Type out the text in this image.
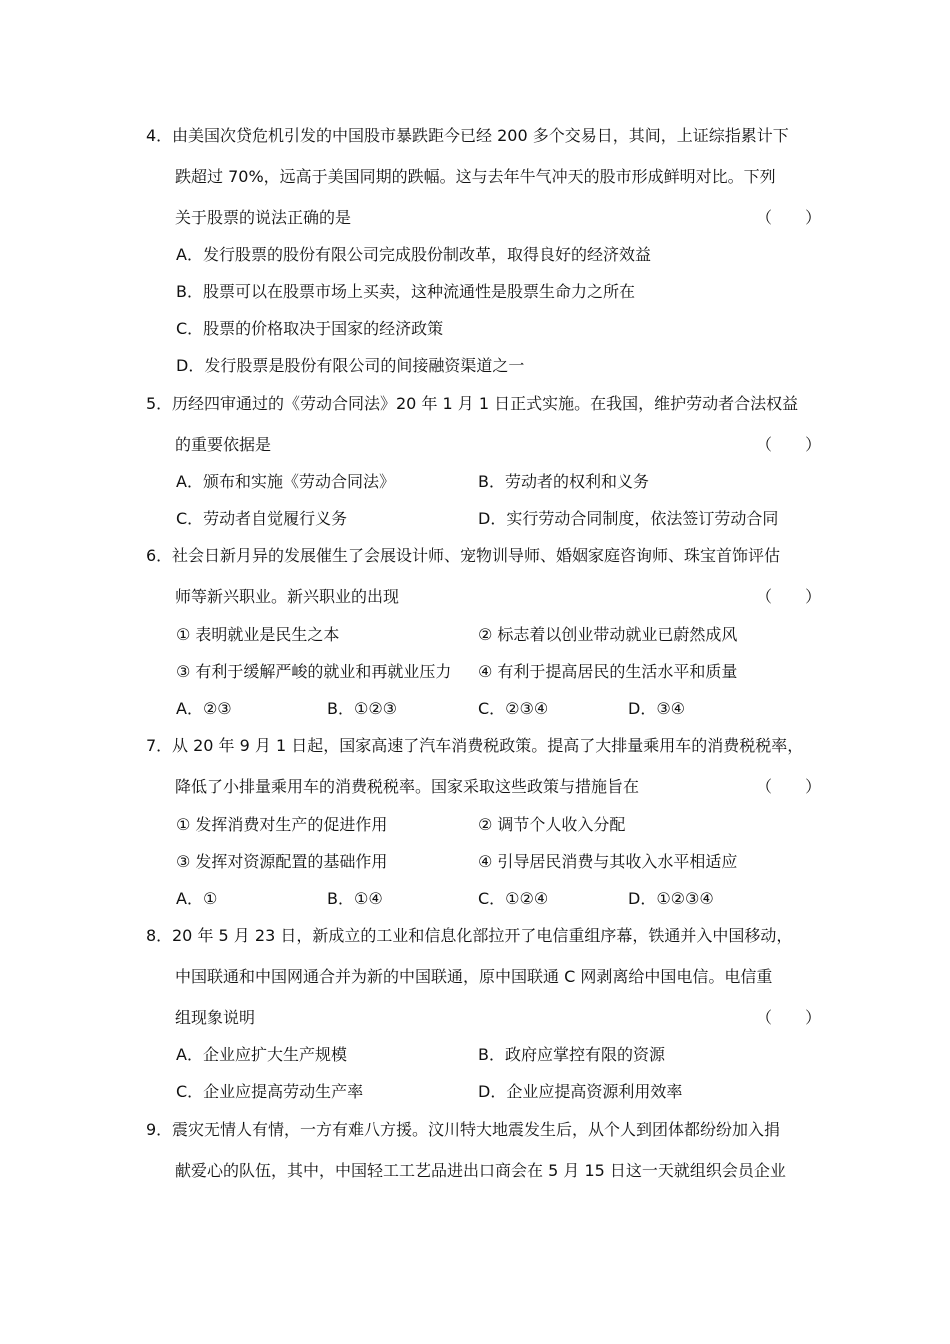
4． 由美国次贷危机引发的中国股市暴跌距今已经 200 多个交易日，其间，上证综指累计下
跌超过 70%，远高于美国同期的跌幅。这与去年牛气冲天的股市形成鲜明对比。下列
关于股票的说法正确的是	（ ）
A．发行股票的股份有限公司完成股份制改革，取得良好的经济效益
B．股票可以在股票市场上买卖，这种流通性是股票生命力之所在
C．股票的价格取决于国家的经济政策
D．发行股票是股份有限公司的间接融资渠道之一
5． 历经四审通过的《劳动合同法》20 年 1 月 1 日正式实施。在我国，维护劳动者合法权益
的重要依据是	（ ）
A．颁布和实施《劳动合同法》	B．劳动者的权利和义务
C．劳动者自觉履行义务	D．实行劳动合同制度，依法签订劳动合同
6． 社会日新月异的发展催生了会展设计师、宠物训导师、婚姻家庭咨询师、珠宝首饰评估
师等新兴职业。新兴职业的出现	（ ）
① 表明就业是民生之本	② 标志着以创业带动就业已蔚然成风
③ 有利于缓解严峻的就业和再就业压力 ④ 有利于提高居民的生活水平和质量
A．②③	B．①②③	C．②③④	D．③④
7． 从 20 年 9 月 1 日起，国家高速了汽车消费税政策。提高了大排量乘用车的消费税税率，
降低了小排量乘用车的消费税税率。国家采取这些政策与措施旨在	（ ）
① 发挥消费对生产的促进作用	② 调节个人收入分配
③ 发挥对资源配置的基础作用	④ 引导居民消费与其收入水平相适应
A．①	B．①④	C．①②④	D．①②③④
8． 20 年 5 月 23 日，新成立的工业和信息化部拉开了电信重组序幕，铁通并入中国移动，
中国联通和中国网通合并为新的中国联通，原中国联通 C 网剥离给中国电信。电信重
组现象说明	（ ）
A．企业应扩大生产规模	B．政府应掌控有限的资源
C．企业应提高劳动生产率	D．企业应提高资源利用效率
9． 震灾无情人有情，一方有难八方援。汶川特大地震发生后，从个人到团体都纷纷加入捐
献爱心的队伍，其中，中国轻工工艺品进出口商会在 5 月 15 日这一天就组织会员企业
